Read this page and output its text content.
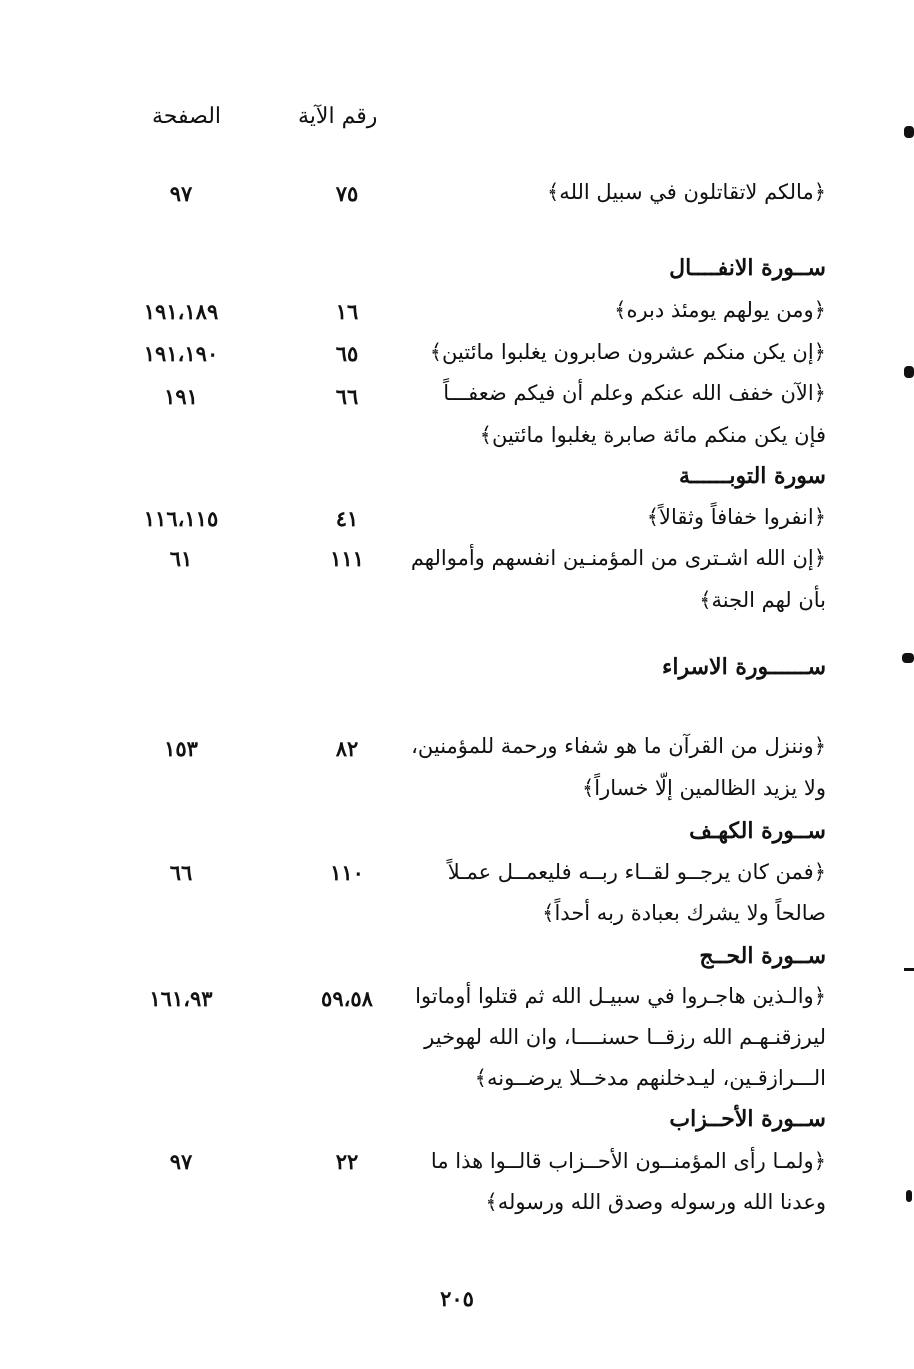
رقم الآية
الصفحة
﴿مالكم لاتقاتلون في سبيل الله﴾
٧٥
٩٧
ســورة الانفــــال
﴿ومن يولهم يومئذ دبره﴾
١٦
١٩١،١٨٩
﴿إن يكن منكم عشرون صابرون يغلبوا مائتين﴾
٦٥
١٩١،١٩٠
﴿الآن خفف الله عنكم وعلم أن فيكم ضعفـــاً
٦٦
١٩١
فإن يكن منكم مائة صابرة يغلبوا مائتين﴾
سورة التوبــــــة
﴿انفروا خفافاً وثقالاً﴾
٤١
١١٦،١١٥
﴿إن الله اشـترى من المؤمنـين انفسهم وأموالهم
١١١
٦١
بأن لهم الجنة﴾
ســــــورة الاسراء
﴿وننزل من القرآن ما هو شفاء ورحمة للمؤمنين،
٨٢
١٥٣
ولا يزيد الظالمين إلّا خساراً﴾
ســورة الكهـف
﴿فمن كان يرجــو لقــاء ربــه فليعمــل عمـلاً
١١٠
٦٦
صالحاً ولا يشرك بعبادة ربه أحداً﴾
ســورة الحــج
﴿والـذين هاجـروا في سبيـل الله ثم قتلوا أوماتوا
٥٩،٥٨
١٦١،٩٣
ليرزقنـهـم الله رزقــا حسنــــا، وان الله لهوخير
الـــرازقـين، ليـدخلنهم مدخــلا يرضــونه﴾
ســورة الأحــزاب
﴿ولمـا رأى المؤمنــون الأحــزاب قالــوا هذا ما
٢٢
٩٧
وعدنا الله ورسوله وصدق الله ورسوله﴾
٢٠٥
